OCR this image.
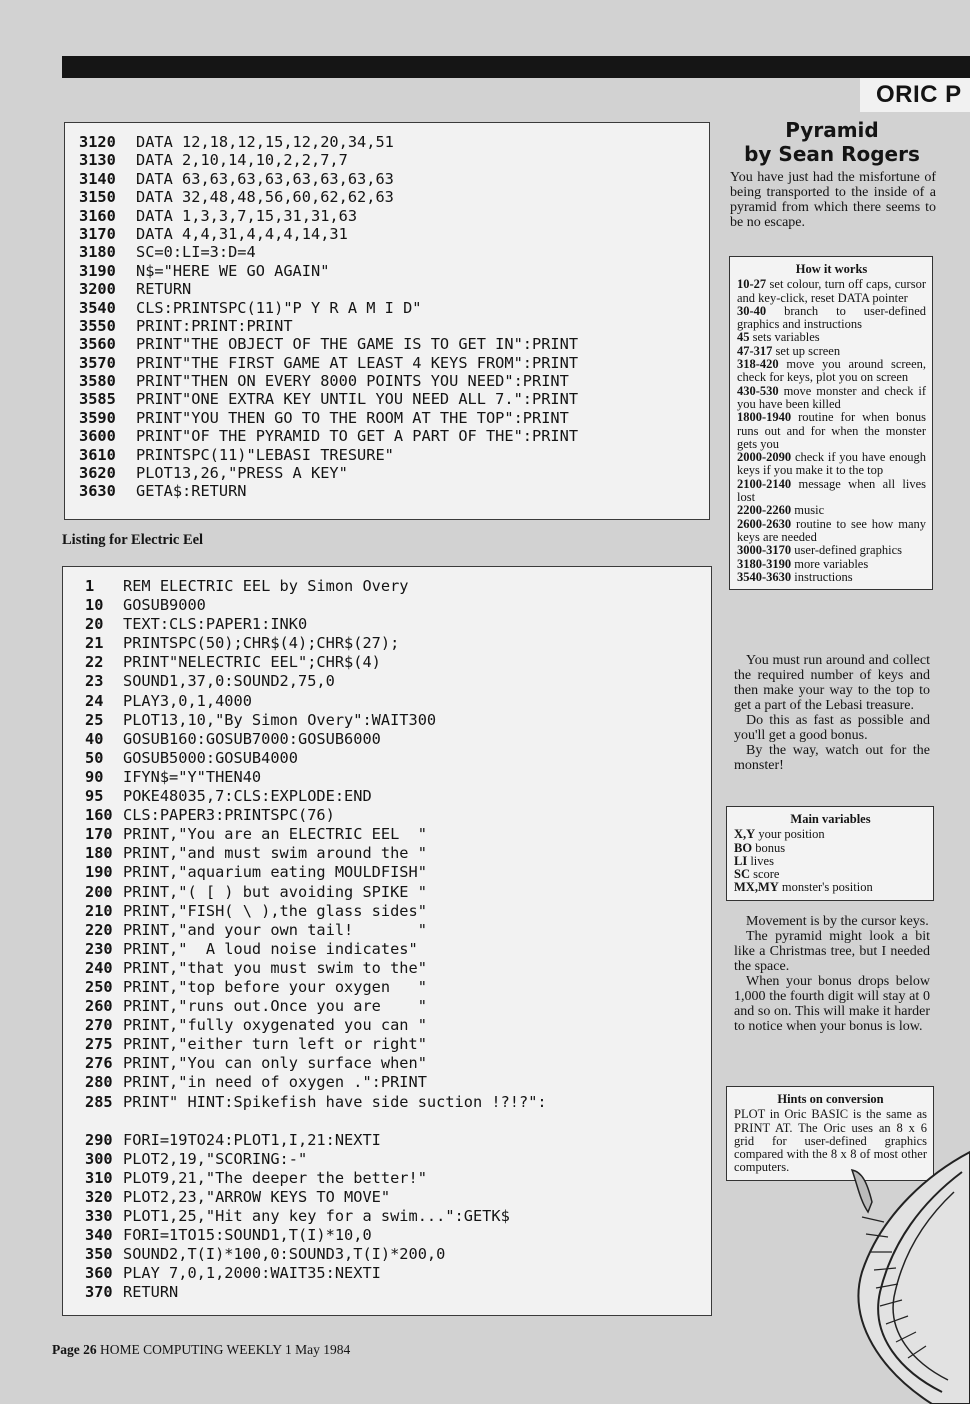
ORIC P
3120 DATA 12,18,12,15,12,20,34,51
3130 DATA 2,10,14,10,2,2,7,7
3140 DATA 63,63,63,63,63,63,63,63
3150 DATA 32,48,48,56,60,62,62,63
3160 DATA 1,3,3,7,15,31,31,63
3170 DATA 4,4,31,4,4,4,14,31
3180 SC=0:LI=3:D=4
3190 N$="HERE WE GO AGAIN"
3200 RETURN
3540 CLS:PRINTSPC(11)"P Y R A M I D"
3550 PRINT:PRINT:PRINT
3560 PRINT"THE OBJECT OF THE GAME IS TO GET IN":PRINT
3570 PRINT"THE FIRST GAME AT LEAST 4 KEYS FROM":PRINT
3580 PRINT"THEN ON EVERY 8000 POINTS YOU NEED":PRINT
3585 PRINT"ONE EXTRA KEY UNTIL YOU NEED ALL 7.":PRINT
3590 PRINT"YOU THEN GO TO THE ROOM AT THE TOP":PRINT
3600 PRINT"OF THE PYRAMID TO GET A PART OF THE":PRINT
3610 PRINTSPC(11)"LEBASI TRESURE"
3620 PLOT13,26,"PRESS A KEY"
3630 GETA$:RETURN
Listing for Electric Eel
1 REM ELECTRIC EEL by Simon Overy
10 GOSUB9000
20 TEXT:CLS:PAPER1:INK0
21 PRINTSPC(50);CHR$(4);CHR$(27);
22 PRINT"NELECTRIC EEL";CHR$(4)
23 SOUND1,37,0:SOUND2,75,0
24 PLAY3,0,1,4000
25 PLOT13,10,"By Simon Overy":WAIT300
40 GOSUB160:GOSUB7000:GOSUB6000
50 GOSUB5000:GOSUB4000
90 IFYN$="Y"THEN40
95 POKE48035,7:CLS:EXPLODE:END
160 CLS:PAPER3:PRINTSPC(76)
170 PRINT,"You are an ELECTRIC EEL  "
180 PRINT,"and must swim around the "
190 PRINT,"aquarium eating MOULDFISH"
200 PRINT,"( [ ) but avoiding SPIKE "
210 PRINT,"FISH( \ ),the glass sides"
220 PRINT,"and your own tail!       "
230 PRINT,"  A loud noise indicates"
240 PRINT,"that you must swim to the"
250 PRINT,"top before your oxygen   "
260 PRINT,"runs out.Once you are    "
270 PRINT,"fully oxygenated you can "
275 PRINT,"either turn left or right"
276 PRINT,"You can only surface when"
280 PRINT,"in need of oxygen .":PRINT
285 PRINT" HINT:Spikefish have side suction !?!?":
290 FORI=19TO24:PLOT1,I,21:NEXTI
300 PLOT2,19,"SCORING:-"
310 PLOT9,21,"The deeper the better!"
320 PLOT2,23,"ARROW KEYS TO MOVE"
330 PLOT1,25,"Hit any key for a swim...":GETK$
340 FORI=1TO15:SOUND1,T(I)*10,0
350 SOUND2,T(I)*100,0:SOUND3,T(I)*200,0
360 PLAY 7,0,1,2000:WAIT35:NEXTI
370 RETURN
Pyramid
by Sean Rogers
You have just had the misfortune of being transported to the inside of a pyramid from which there seems to be no escape.
How it works
10-27 set colour, turn off caps, cursor and key-click, reset DATA pointer
30-40 branch to user-defined graphics and instructions
45 sets variables
47-317 set up screen
318-420 move you around screen, check for keys, plot you on screen
430-530 move monster and check if you have been killed
1800-1940 routine for when bonus runs out and for when the monster gets you
2000-2090 check if you have enough keys if you make it to the top
2100-2140 message when all lives lost
2200-2260 music
2600-2630 routine to see how many keys are needed
3000-3170 user-defined graphics
3180-3190 more variables
3540-3630 instructions
You must run around and collect the required number of keys and then make your way to the top to get a part of the Lebasi treasure.
Do this as fast as possible and you'll get a good bonus.
By the way, watch out for the monster!
Main variables
X,Y your position
BO bonus
LI lives
SC score
MX,MY monster's position
Movement is by the cursor keys.
The pyramid might look a bit like a Christmas tree, but I needed the space.
When your bonus drops below 1,000 the fourth digit will stay at 0 and so on. This will make it harder to notice when your bonus is low.
Hints on conversion
PLOT in Oric BASIC is the same as PRINT AT. The Oric uses an 8 x 6 grid for user-defined graphics compared with the 8 x 8 of most other computers.
Page 26 HOME COMPUTING WEEKLY 1 May 1984
